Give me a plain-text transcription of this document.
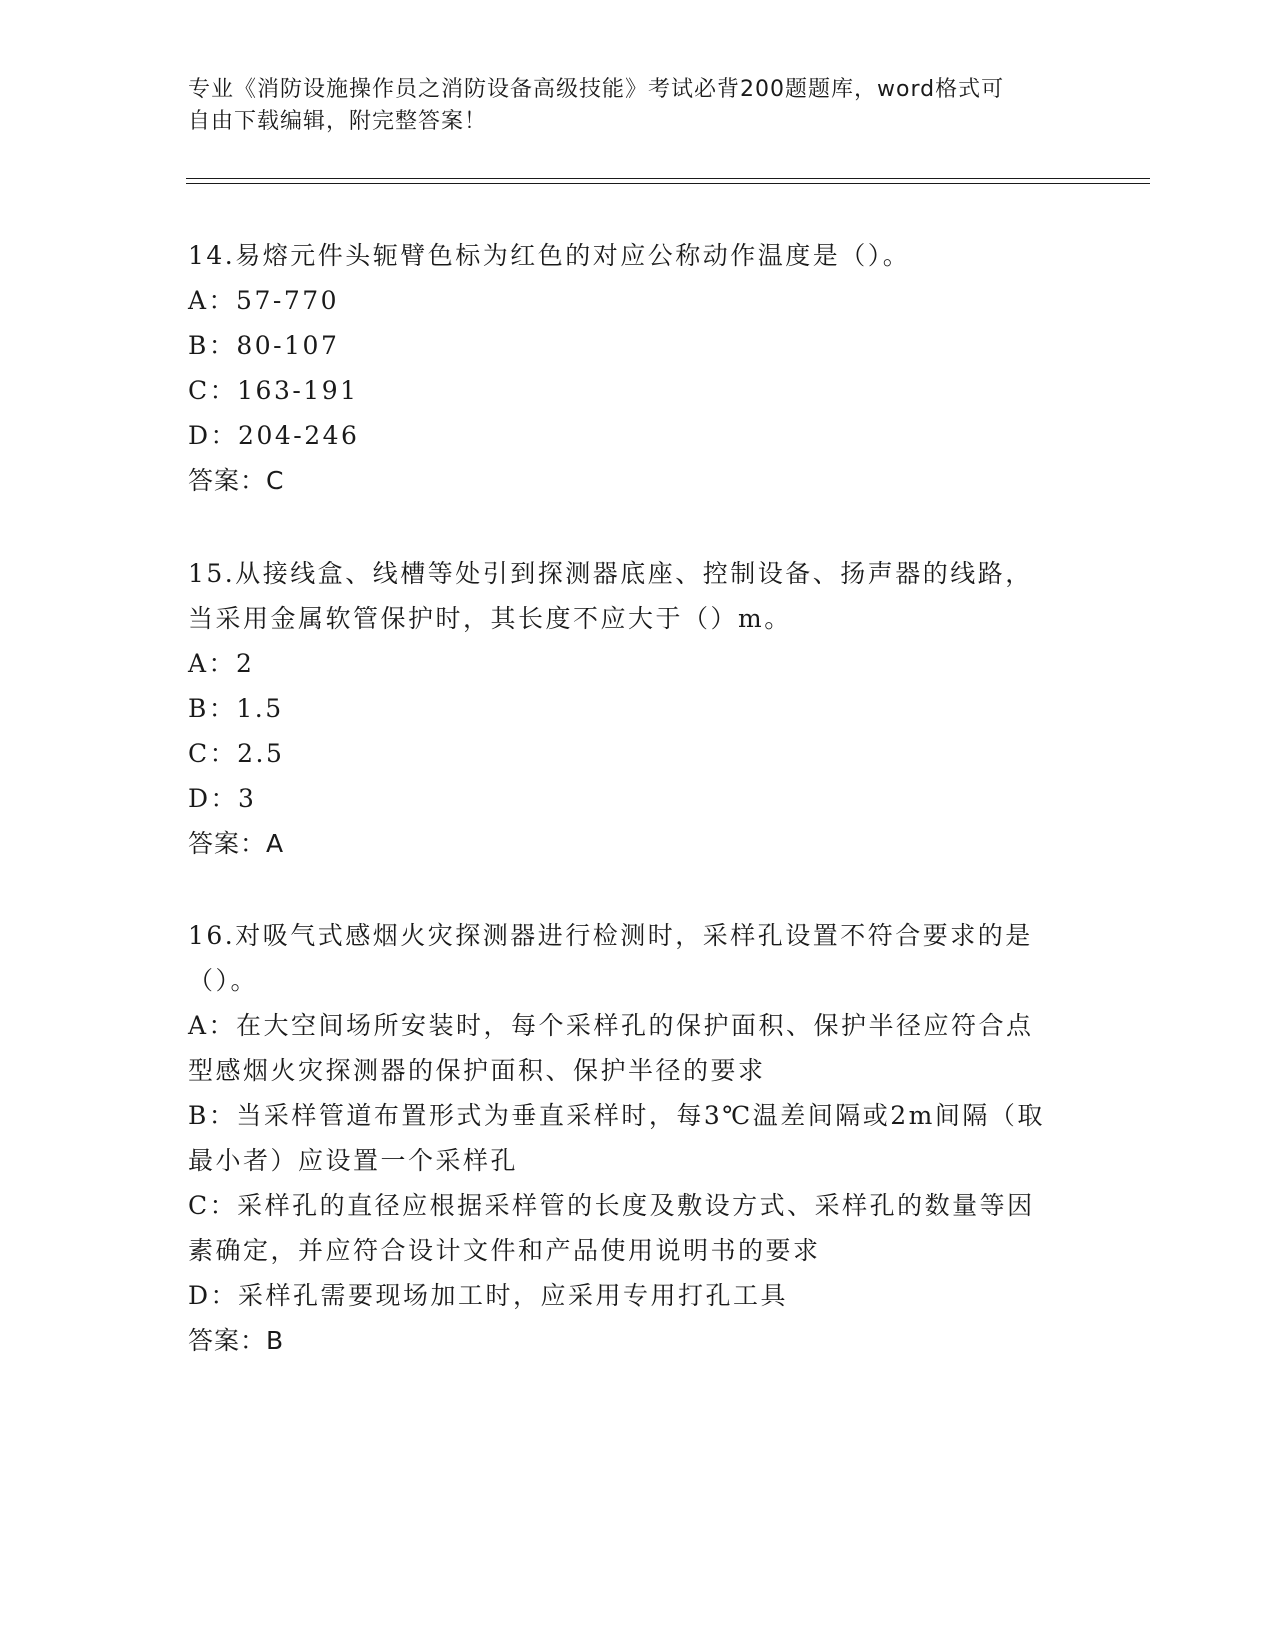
专业《消防设施操作员之消防设备高级技能》考试必背200题题库，word格式可
自由下载编辑，附完整答案！

14.易熔元件头轭臂色标为红色的对应公称动作温度是（）。

A：57-770

B：80-107

C：163-191

D：204-246

答案：C

15.从接线盒、线槽等处引到探测器底座、控制设备、扬声器的线路，

当采用金属软管保护时，其长度不应大于（）m。

A：2

B：1.5

C：2.5

D：3

答案：A

16.对吸气式感烟火灾探测器进行检测时，采样孔设置不符合要求的是

（）。

A：在大空间场所安装时，每个采样孔的保护面积、保护半径应符合点

型感烟火灾探测器的保护面积、保护半径的要求

B：当采样管道布置形式为垂直采样时，每3℃温差间隔或2m间隔（取

最小者）应设置一个采样孔

C：采样孔的直径应根据采样管的长度及敷设方式、采样孔的数量等因

素确定，并应符合设计文件和产品使用说明书的要求

D：采样孔需要现场加工时，应采用专用打孔工具

答案：B
